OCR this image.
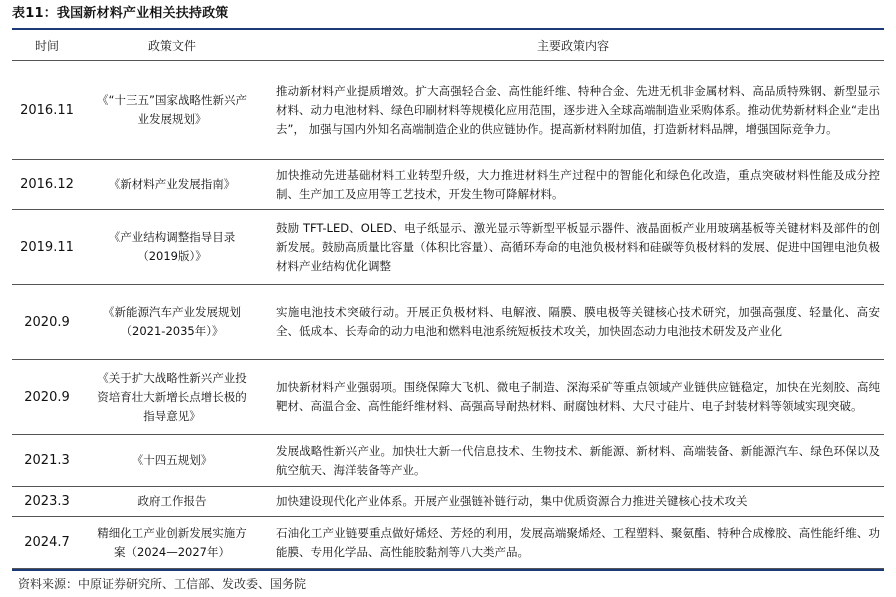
表11：我国新材料产业相关扶持政策
时间	政策文件	主要政策内容
2016.11	《“十三五”国家战略性新兴产业发展规划》	推动新材料产业提质增效。扩大高强轻合金、高性能纤维、特种合金、先进无机非金属材料、高品质特殊钢、新型显示材料、动力电池材料、绿色印刷材料等规模化应用范围，逐步进入全球高端制造业采购体系。推动优势新材料企业“走出去”， 加强与国内外知名高端制造企业的供应链协作。提高新材料附加值，打造新材料品牌，增强国际竞争力。
2016.12	《新材料产业发展指南》	加快推动先进基础材料工业转型升级，大力推进材料生产过程中的智能化和绿色化改造，重点突破材料性能及成分控制、生产加工及应用等工艺技术，开发生物可降解材料。
2019.11	《产业结构调整指导目录（2019版）》	鼓励 TFT-LED、OLED、电子纸显示、激光显示等新型平板显示器件、液晶面板产业用玻璃基板等关键材料及部件的创新发展。鼓励高质量比容量（体积比容量）、高循环寿命的电池负极材料和硅碳等负极材料的发展、促进中国锂电池负极材料产业结构优化调整
2020.9	《新能源汽车产业发展规划（2021-2035年）》	实施电池技术突破行动。开展正负极材料、电解液、隔膜、膜电极等关键核心技术研究，加强高强度、轻量化、高安全、低成本、长寿命的动力电池和燃料电池系统短板技术攻关，加快固态动力电池技术研发及产业化
2020.9	《关于扩大战略性新兴产业投资培育壮大新增长点增长极的指导意见》	加快新材料产业强弱项。围绕保障大飞机、微电子制造、深海采矿等重点领域产业链供应链稳定，加快在光刻胶、高纯靶材、高温合金、高性能纤维材料、高强高导耐热材料、耐腐蚀材料、大尺寸硅片、电子封装材料等领域实现突破。
2021.3	《十四五规划》	发展战略性新兴产业。加快壮大新一代信息技术、生物技术、新能源、新材料、高端装备、新能源汽车、绿色环保以及航空航天、海洋装备等产业。
2023.3	政府工作报告	加快建设现代化产业体系。开展产业强链补链行动，集中优质资源合力推进关键核心技术攻关
2024.7	精细化工产业创新发展实施方案（2024—2027年）	石油化工产业链要重点做好烯烃、芳烃的利用，发展高端聚烯烃、工程塑料、聚氨酯、特种合成橡胶、高性能纤维、功能膜、专用化学品、高性能胶黏剂等八大类产品。
资料来源：中原证券研究所、工信部、发改委、国务院
